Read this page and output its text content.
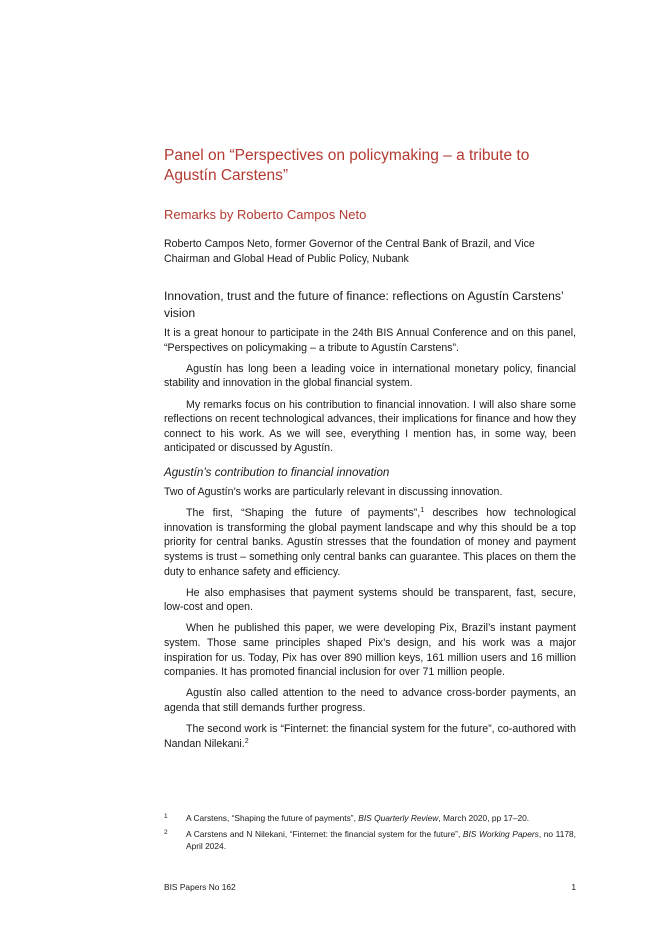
Panel on “Perspectives on policymaking – a tribute to Agustín Carstens”
Remarks by Roberto Campos Neto

Roberto Campos Neto, former Governor of the Central Bank of Brazil, and Vice Chairman and Global Head of Public Policy, Nubank

Innovation, trust and the future of finance: reflections on Agustín Carstens’ vision

It is a great honour to participate in the 24th BIS Annual Conference and on this panel, “Perspectives on policymaking – a tribute to Agustín Carstens”.

Agustín has long been a leading voice in international monetary policy, financial stability and innovation in the global financial system.

My remarks focus on his contribution to financial innovation. I will also share some reflections on recent technological advances, their implications for finance and how they connect to his work. As we will see, everything I mention has, in some way, been anticipated or discussed by Agustín.

Agustín’s contribution to financial innovation

Two of Agustín’s works are particularly relevant in discussing innovation.

The first, “Shaping the future of payments”,$^1$ describes how technological innovation is transforming the global payment landscape and why this should be a top priority for central banks. Agustín stresses that the foundation of money and payment systems is trust – something only central banks can guarantee. This places on them the duty to enhance safety and efficiency.

He also emphasises that payment systems should be transparent, fast, secure, low-cost and open.

When he published this paper, we were developing Pix, Brazil’s instant payment system. Those same principles shaped Pix’s design, and his work was a major inspiration for us. Today, Pix has over 890 million keys, 161 million users and 16 million companies. It has promoted financial inclusion for over 71 million people.

Agustín also called attention to the need to advance cross-border payments, an agenda that still demands further progress.

The second work is “Finternet: the financial system for the future”, co-authored with Nandan Nilekani.$^2$

1	A Carstens, “Shaping the future of payments”, BIS Quarterly Review, March 2020, pp 17–20.
2	A Carstens and N Nilekani, “Finternet: the financial system for the future”, BIS Working Papers, no 1178, April 2024.
BIS Papers No 162	1
